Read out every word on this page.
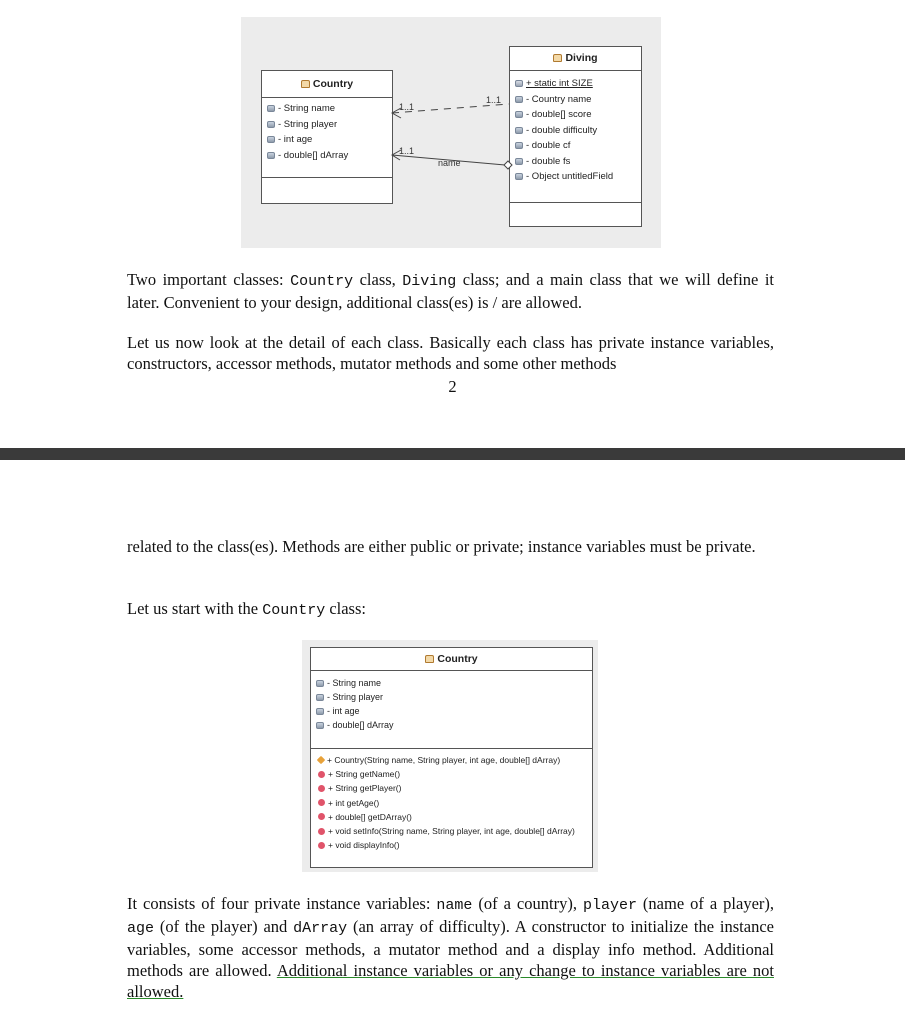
Country
- String name
- String player
- int age
- double[] dArray
Diving
+ static int SIZE
- Country name
- double[] score
- double difficulty
- double cf
- double fs
- Object untitledField
1..1
1..1
1..1
name
Two important classes: Country class, Diving class; and a main class that we will define it later. Convenient to your design, additional class(es) is / are allowed.
Let us now look at the detail of each class. Basically each class has private instance variables, constructors, accessor methods, mutator methods and some other methods
2
related to the class(es). Methods are either public or private; instance variables must be private.
Let us start with the Country class:
Country
- String name
- String player
- int age
- double[] dArray
+ Country(String name, String player, int age, double[] dArray)
+ String getName()
+ String getPlayer()
+ int getAge()
+ double[] getDArray()
+ void setInfo(String name, String player, int age, double[] dArray)
+ void displayInfo()
It consists of four private instance variables: name (of a country), player (name of a player), age (of the player) and dArray (an array of difficulty). A constructor to initialize the instance variables, some accessor methods, a mutator method and a display info method. Additional methods are allowed. Additional instance variables or any change to instance variables are not allowed.
